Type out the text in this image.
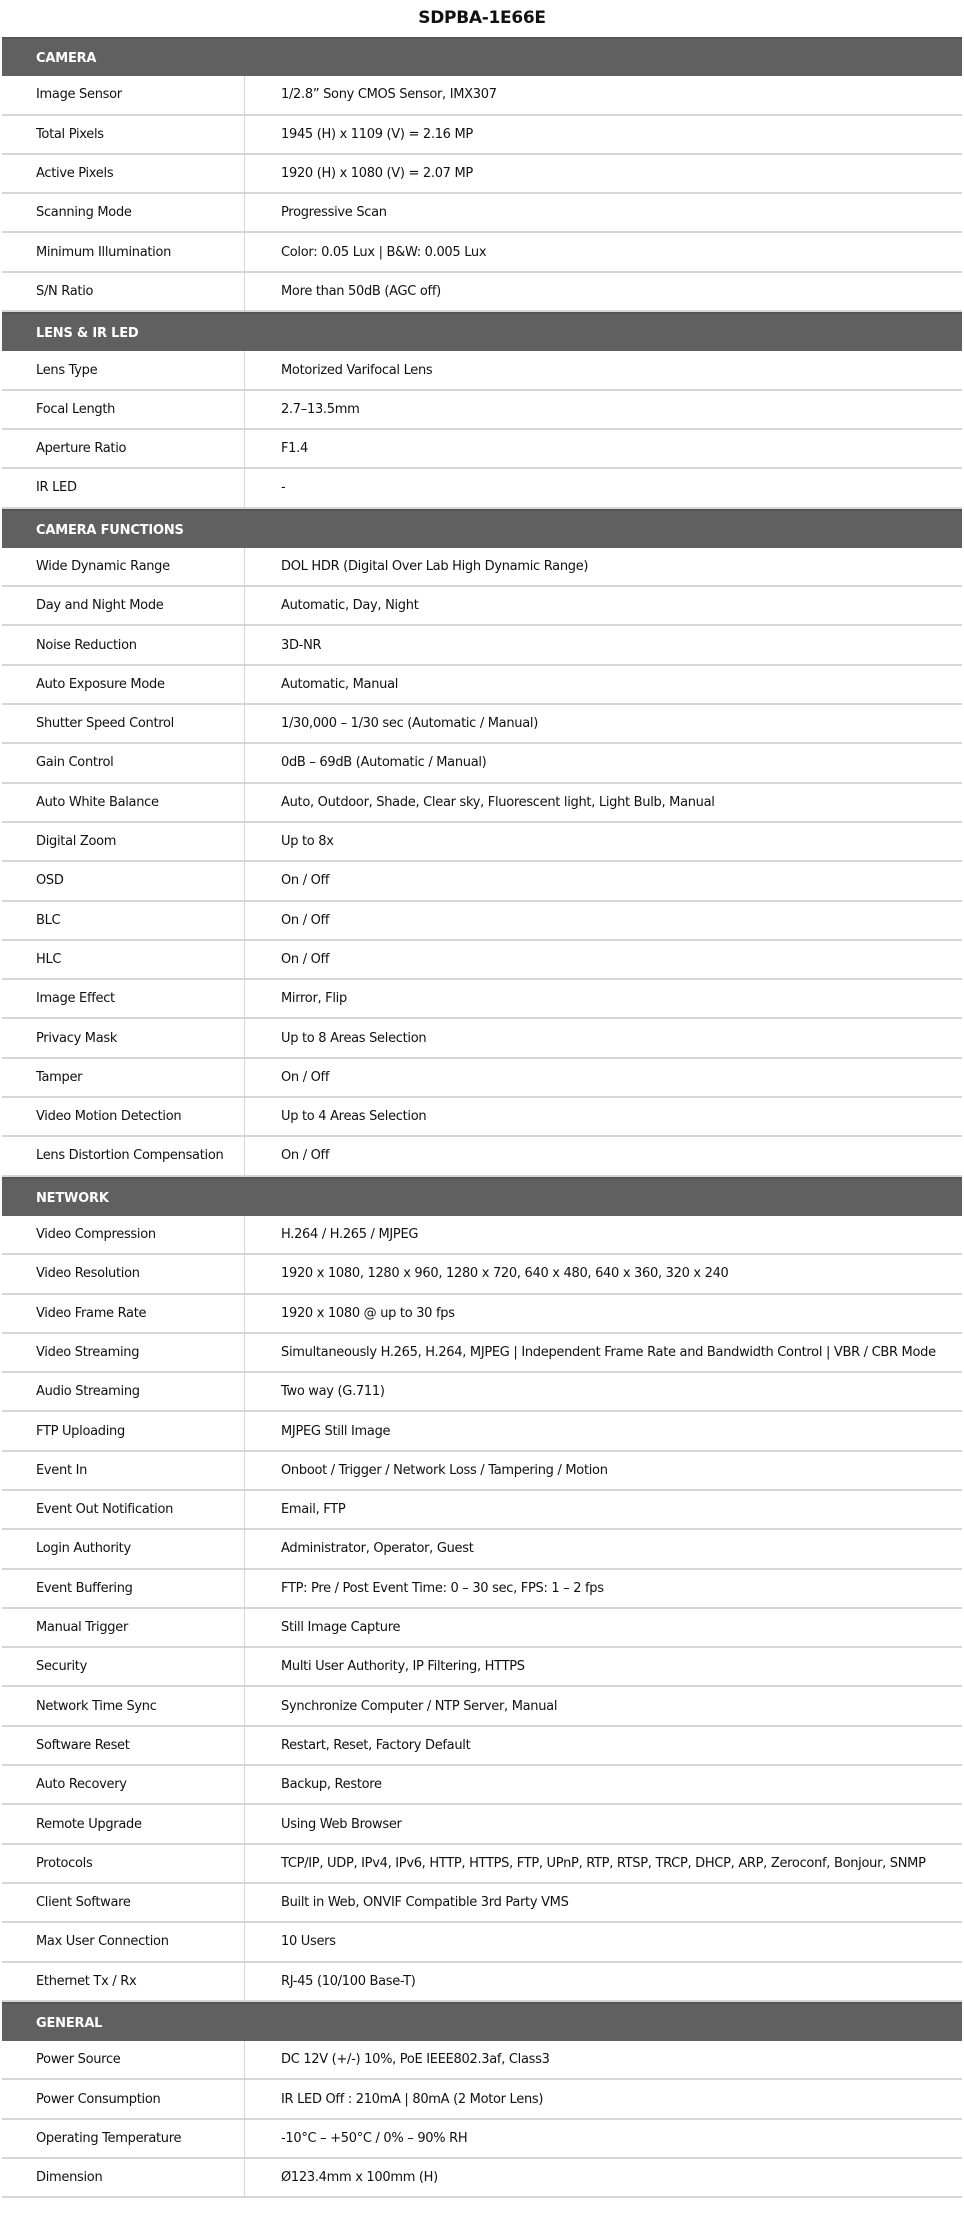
SDPBA-1E66E
CAMERA
Image Sensor	1/2.8” Sony CMOS Sensor, IMX307
Total Pixels	1945 (H) x 1109 (V) = 2.16 MP
Active Pixels	1920 (H) x 1080 (V) = 2.07 MP
Scanning Mode	Progressive Scan
Minimum Illumination	Color: 0.05 Lux | B&W: 0.005 Lux
S/N Ratio	More than 50dB (AGC off)
LENS & IR LED
Lens Type	Motorized Varifocal Lens
Focal Length	2.7–13.5mm
Aperture Ratio	F1.4
IR LED	-
CAMERA FUNCTIONS
Wide Dynamic Range	DOL HDR (Digital Over Lab High Dynamic Range)
Day and Night Mode	Automatic, Day, Night
Noise Reduction	3D-NR
Auto Exposure Mode	Automatic, Manual
Shutter Speed Control	1/30,000 – 1/30 sec (Automatic / Manual)
Gain Control	0dB – 69dB (Automatic / Manual)
Auto White Balance	Auto, Outdoor, Shade, Clear sky, Fluorescent light, Light Bulb, Manual
Digital Zoom	Up to 8x
OSD	On / Off
BLC	On / Off
HLC	On / Off
Image Effect	Mirror, Flip
Privacy Mask	Up to 8 Areas Selection
Tamper	On / Off
Video Motion Detection	Up to 4 Areas Selection
Lens Distortion Compensation	On / Off
NETWORK
Video Compression	H.264 / H.265 / MJPEG
Video Resolution	1920 x 1080, 1280 x 960, 1280 x 720, 640 x 480, 640 x 360, 320 x 240
Video Frame Rate	1920 x 1080 @ up to 30 fps
Video Streaming	Simultaneously H.265, H.264, MJPEG | Independent Frame Rate and Bandwidth Control | VBR / CBR Mode
Audio Streaming	Two way (G.711)
FTP Uploading	MJPEG Still Image
Event In	Onboot / Trigger / Network Loss / Tampering / Motion
Event Out Notification	Email, FTP
Login Authority	Administrator, Operator, Guest
Event Buffering	FTP: Pre / Post Event Time: 0 – 30 sec, FPS: 1 – 2 fps
Manual Trigger	Still Image Capture
Security	Multi User Authority, IP Filtering, HTTPS
Network Time Sync	Synchronize Computer / NTP Server, Manual
Software Reset	Restart, Reset, Factory Default
Auto Recovery	Backup, Restore
Remote Upgrade	Using Web Browser
Protocols	TCP/IP, UDP, IPv4, IPv6, HTTP, HTTPS, FTP, UPnP, RTP, RTSP, TRCP, DHCP, ARP, Zeroconf, Bonjour, SNMP
Client Software	Built in Web, ONVIF Compatible 3rd Party VMS
Max User Connection	10 Users
Ethernet Tx / Rx	RJ-45 (10/100 Base-T)
GENERAL
Power Source	DC 12V (+/-) 10%, PoE IEEE802.3af, Class3
Power Consumption	IR LED Off : 210mA | 80mA (2 Motor Lens)
Operating Temperature	-10°C – +50°C / 0% – 90% RH
Dimension	Ø123.4mm x 100mm (H)
